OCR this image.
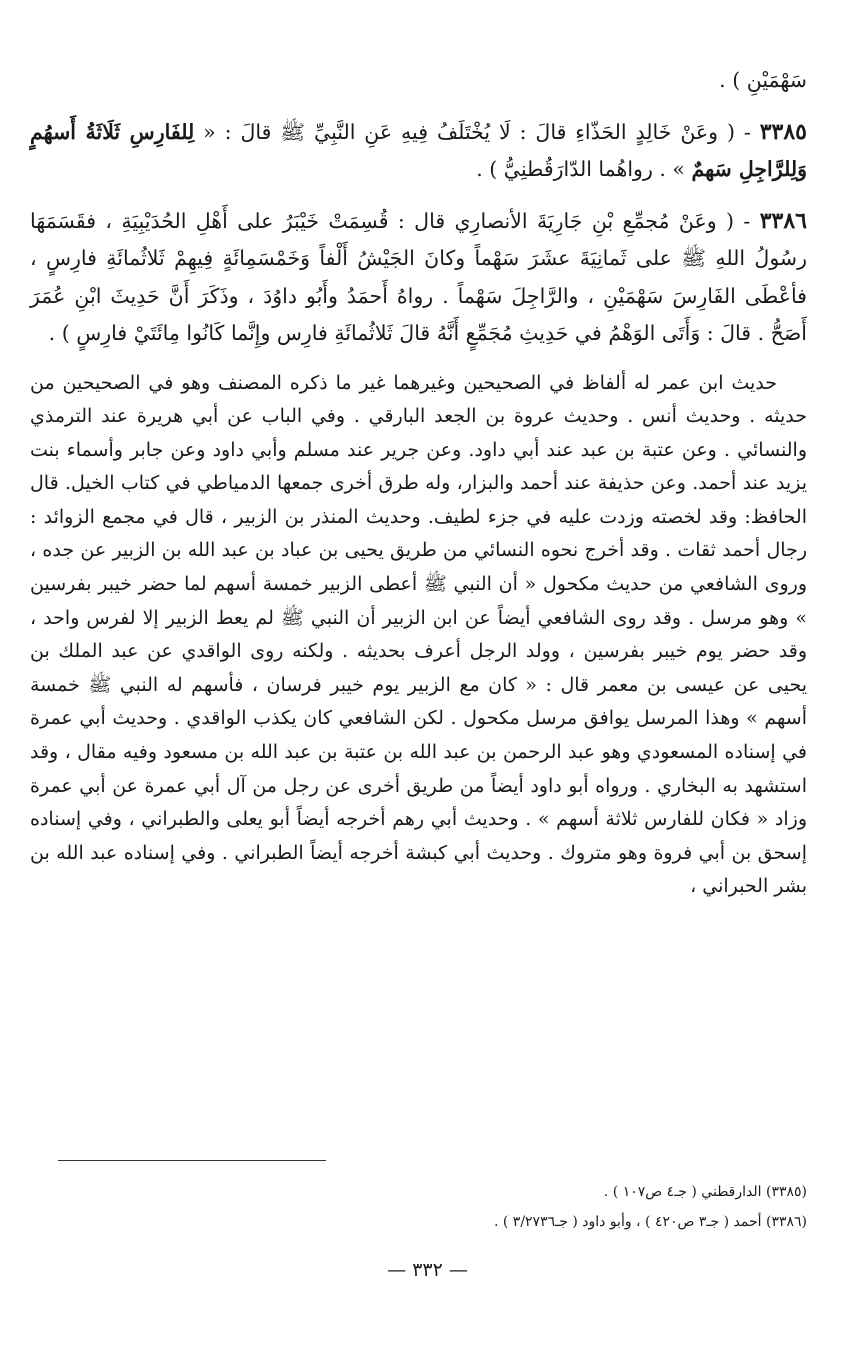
سَهْمَيْنِ ) .

٣٣٨٥ - ( وعَنْ خَالِدٍ الحَذّاءِ قالَ : لَا يُخْتَلَفُ فِيهِ عَنِ النَّبِيِّ ﷺ قالَ : « لِلفَارِسِ ثَلَاثَةُ أَسهُمٍ وَلِلرَّاجِلِ سَهمٌ » . رواهُما الدّارَقُطنِيُّ ) .

٣٣٨٦ - ( وعَنْ مُجمِّعِ بْنِ جَارِيَةَ الأنصارِي قال : قُسِمَتْ خَيْبَرُ على أَهْلِ الحُدَيْبِيَةِ ، فقَسَمَهَا رسُولُ اللهِ ﷺ على ثَمانِيَةَ عشَرَ سَهْماً وكانَ الجَيْشُ أَلْفاً وَخَمْسَمِائَةٍ فِيهِمْ ثَلاثُمائَةِ فارِسٍ ، فأعْطَى الفَارِسَ سَهْمَيْنِ ، والرَّاجِلَ سَهْماً . رواهُ أَحمَدُ وأَبُو داوُدَ ، وذَكَرَ أَنَّ حَدِيثَ ابْنِ عُمَرَ أَصَحُّ . قالَ : وَأَتَى الوَهْمُ في حَدِيثِ مُجَمِّعٍ أَنَّهُ قالَ ثَلاثُمائَةِ فارِس وإِنَّما كَانُوا مِائَتَيْ فارِسٍ ) .

حديث ابن عمر له ألفاظ في الصحيحين وغيرهما غير ما ذكره المصنف وهو في الصحيحين من حديثه . وحديث أنس . وحديث عروة بن الجعد البارقي . وفي الباب عن أبي هريرة عند الترمذي والنسائي . وعن عتبة بن عبد عند أبي داود. وعن جرير عند مسلم وأبي داود وعن جابر وأسماء بنت يزيد عند أحمد. وعن حذيفة عند أحمد والبزار، وله طرق أخرى جمعها الدمياطي في كتاب الخيل. قال الحافظ: وقد لخصته وزدت عليه في جزء لطيف. وحديث المنذر بن الزبير ، قال في مجمع الزوائد : رجال أحمد ثقات . وقد أخرج نحوه النسائي من طريق يحيى بن عباد بن عبد الله بن الزبير عن جده ، وروى الشافعي من حديث مكحول « أن النبي ﷺ أعطى الزبير خمسة أسهم لما حضر خيبر بفرسين » وهو مرسل . وقد روى الشافعي أيضاً عن ابن الزبير أن النبي ﷺ لم يعط الزبير إلا لفرس واحد ، وقد حضر يوم خيبر بفرسين ، وولد الرجل أعرف بحديثه . ولكنه روى الواقدي عن عبد الملك بن يحيى عن عيسى بن معمر قال : « كان مع الزبير يوم خيبر فرسان ، فأسهم له النبي ﷺ خمسة أسهم » وهذا المرسل يوافق مرسل مكحول . لكن الشافعي كان يكذب الواقدي . وحديث أبي عمرة في إسناده المسعودي وهو عبد الرحمن بن عبد الله بن عتبة بن عبد الله بن مسعود وفيه مقال ، وقد استشهد به البخاري . ورواه أبو داود أيضاً من طريق أخرى عن رجل من آل أبي عمرة عن أبي عمرة وزاد « فكان للفارس ثلاثة أسهم » . وحديث أبي رهم أخرجه أيضاً أبو يعلى والطبراني ، وفي إسناده إسحق بن أبي فروة وهو متروك . وحديث أبي كبشة أخرجه أيضاً الطبراني . وفي إسناده عبد الله بن بشر الحبراني ،

(٣٣٨٥) الدارقطني ( جـ٤ ص١٠٧ ) .
(٣٣٨٦) أحمد ( جـ٣ ص٤٢٠ ) ، وأبو داود ( جـ٣/٢٧٣٦ ) .
— ٣٣٢ —
